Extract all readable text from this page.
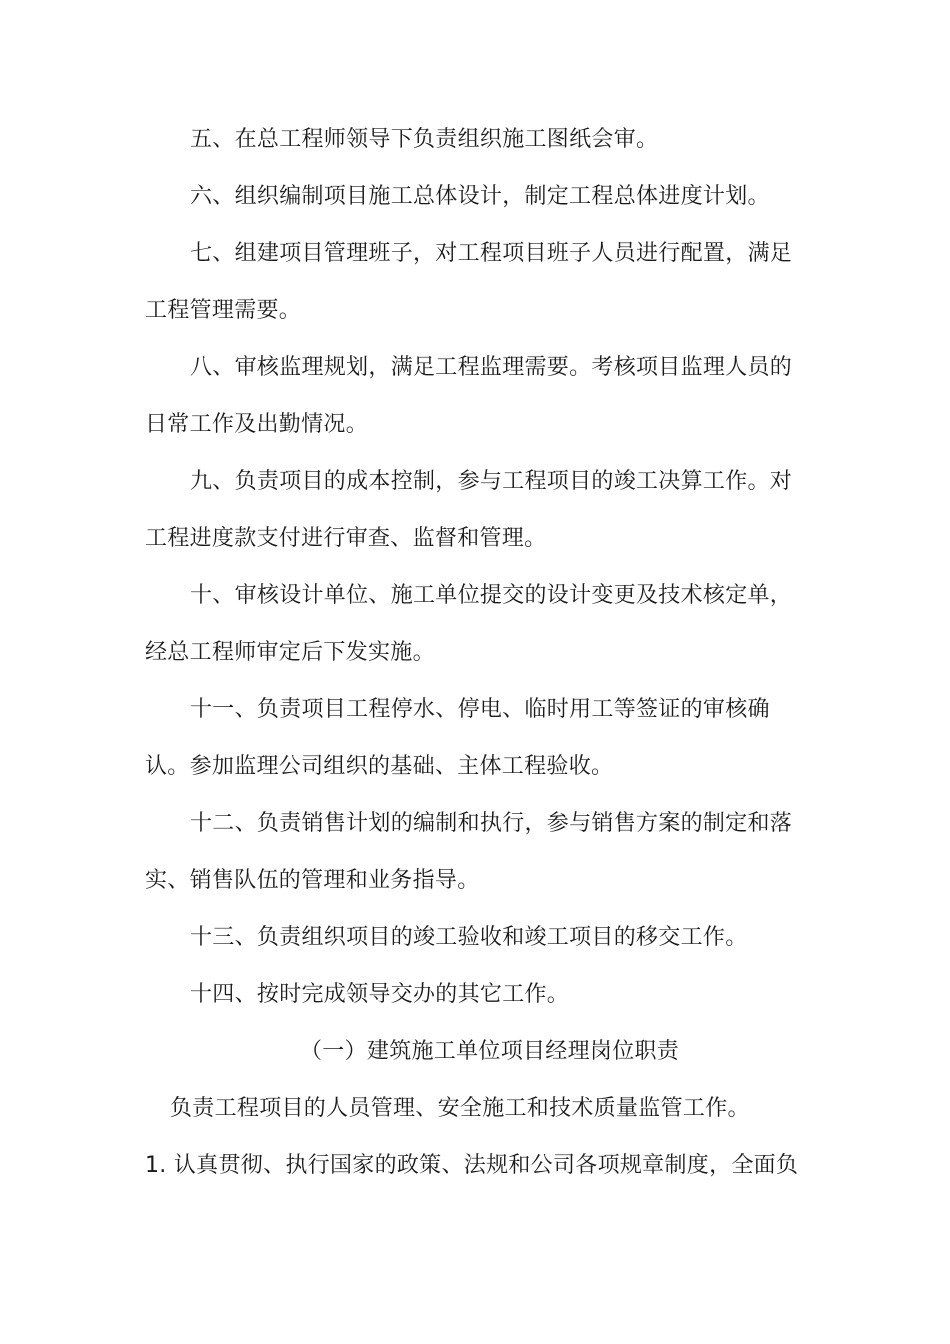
五、在总工程师领导下负责组织施工图纸会审。
六、组织编制项目施工总体设计，制定工程总体进度计划。
七、组建项目管理班子，对工程项目班子人员进行配置，满足
工程管理需要。
八、审核监理规划，满足工程监理需要。考核项目监理人员的
日常工作及出勤情况。
九、负责项目的成本控制，参与工程项目的竣工决算工作。对
工程进度款支付进行审查、监督和管理。
十、审核设计单位、施工单位提交的设计变更及技术核定单，
经总工程师审定后下发实施。
十一、负责项目工程停水、停电、临时用工等签证的审核确
认。参加监理公司组织的基础、主体工程验收。
十二、负责销售计划的编制和执行，参与销售方案的制定和落
实、销售队伍的管理和业务指导。
十三、负责组织项目的竣工验收和竣工项目的移交工作。
十四、按时完成领导交办的其它工作。
（一）建筑施工单位项目经理岗位职责
负责工程项目的人员管理、安全施工和技术质量监管工作。
1. 认真贯彻、执行国家的政策、法规和公司各项规章制度，全面负
